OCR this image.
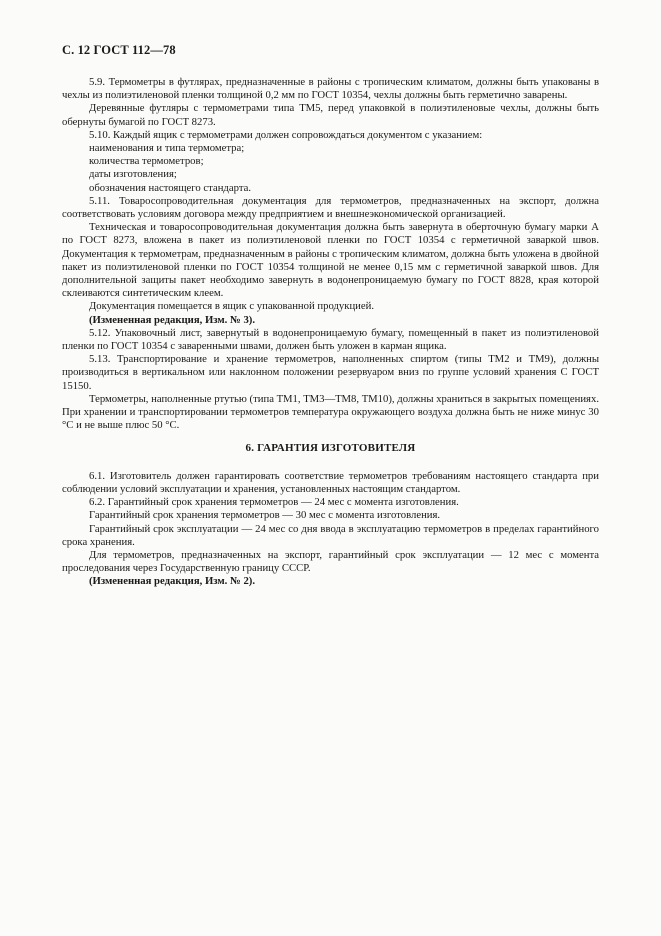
С. 12 ГОСТ 112—78

5.9. Термометры в футлярах, предназначенные в районы с тропическим климатом, должны быть упакованы в чехлы из полиэтиленовой пленки толщиной 0,2 мм по ГОСТ 10354, чехлы должны быть герметично заварены.

Деревянные футляры с термометрами типа ТМ5, перед упаковкой в полиэтиленовые чехлы, должны быть обернуты бумагой по ГОСТ 8273.

5.10. Каждый ящик с термометрами должен сопровождаться документом с указанием:

наименования и типа термометра;

количества термометров;

даты изготовления;

обозначения настоящего стандарта.

5.11. Товаросопроводительная документация для термометров, предназначенных на экспорт, должна соответствовать условиям договора между предприятием и внешнеэкономической организацией.

Техническая и товаросопроводительная документация должна быть завернута в оберточную бумагу марки А по ГОСТ 8273, вложена в пакет из полиэтиленовой пленки по ГОСТ 10354 с герметичной заваркой швов. Документация к термометрам, предназначенным в районы с тропическим климатом, должна быть уложена в двойной пакет из полиэтиленовой пленки по ГОСТ 10354 толщиной не менее 0,15 мм с герметичной заваркой швов. Для дополнительной защиты пакет необходимо завернуть в водонепроницаемую бумагу по ГОСТ 8828, края которой склеиваются синтетическим клеем.

Документация помещается в ящик с упакованной продукцией.

(Измененная редакция, Изм. № 3).

5.12. Упаковочный лист, завернутый в водонепроницаемую бумагу, помещенный в пакет из полиэтиленовой пленки по ГОСТ 10354 с заваренными швами, должен быть уложен в карман ящика.

5.13. Транспортирование и хранение термометров, наполненных спиртом (типы ТМ2 и ТМ9), должны производиться в вертикальном или наклонном положении резервуаром вниз по группе условий хранения С ГОСТ 15150.

Термометры, наполненные ртутью (типа ТМ1, ТМ3—ТМ8, ТМ10), должны храниться в закрытых помещениях. При хранении и транспортировании термометров температура окружающего воздуха должна быть не ниже минус 30 °С и не выше плюс 50 °С.

6. ГАРАНТИЯ ИЗГОТОВИТЕЛЯ

6.1. Изготовитель должен гарантировать соответствие термометров требованиям настоящего стандарта при соблюдении условий эксплуатации и хранения, установленных настоящим стандартом.

6.2. Гарантийный срок хранения термометров — 24 мес с момента изготовления.

Гарантийный срок хранения термометров — 30 мес с момента изготовления.

Гарантийный срок эксплуатации — 24 мес со дня ввода в эксплуатацию термометров в пределах гарантийного срока хранения.

Для термометров, предназначенных на экспорт, гарантийный срок эксплуатации — 12 мес с момента проследования через Государственную границу СССР.

(Измененная редакция, Изм. № 2).
